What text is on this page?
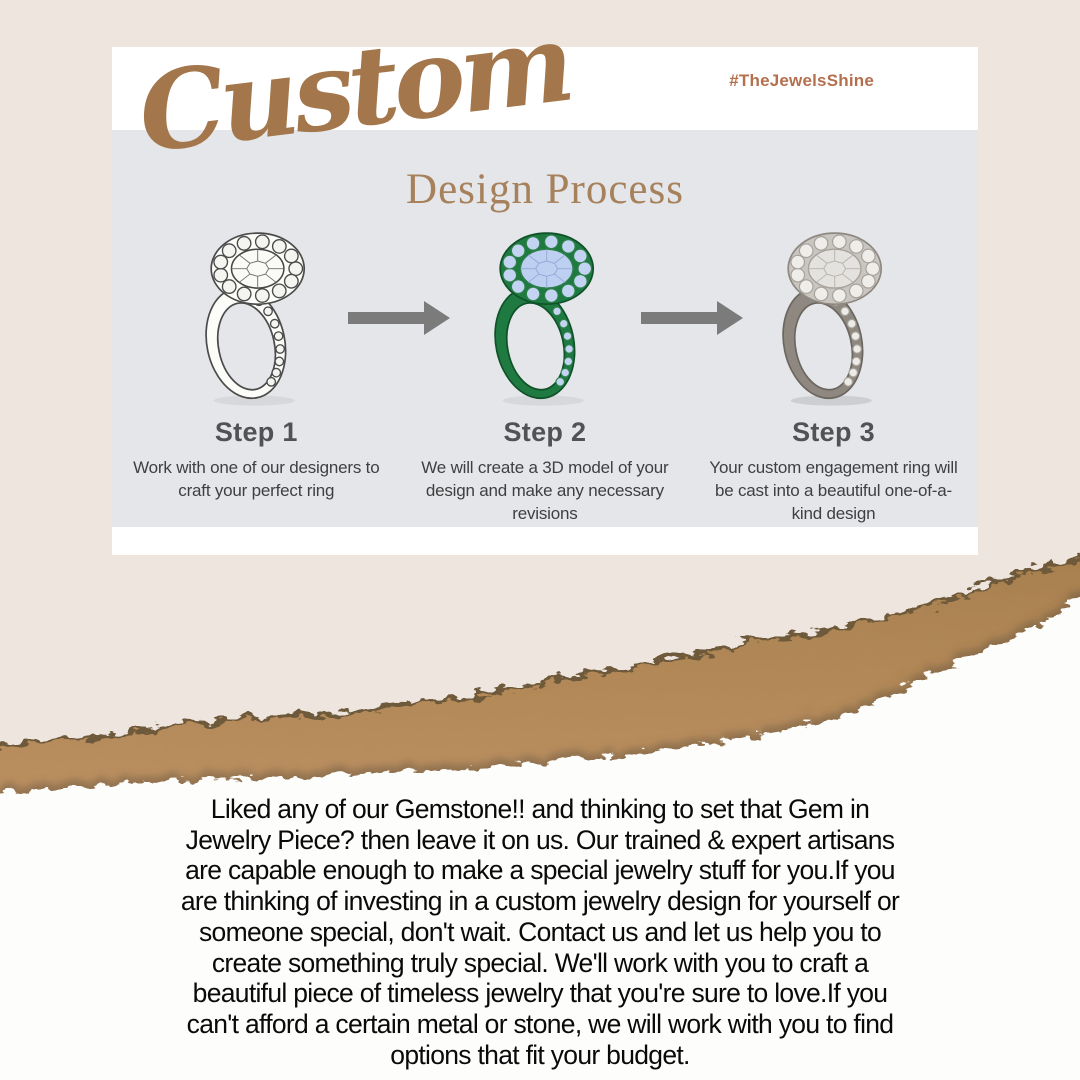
Custom
Design Process
#TheJewelsShine
Step 1
Work with one of our designers to craft your perfect ring
Step 2
We will create a 3D model of your design and make any necessary revisions
Step 3
Your custom engagement ring will be cast into a beautiful one-of-a-kind design
Liked any of our Gemstone!! and thinking to set that Gem in
Jewelry Piece? then leave it on us. Our trained & expert artisans
are capable enough to make a special jewelry stuff for you.If you
are thinking of investing in a custom jewelry design for yourself or
someone special, don't wait. Contact us and let us help you to
create something truly special. We'll work with you to craft a
beautiful piece of timeless jewelry that you're sure to love.If you
can't afford a certain metal or stone, we will work with you to find
options that fit your budget.
